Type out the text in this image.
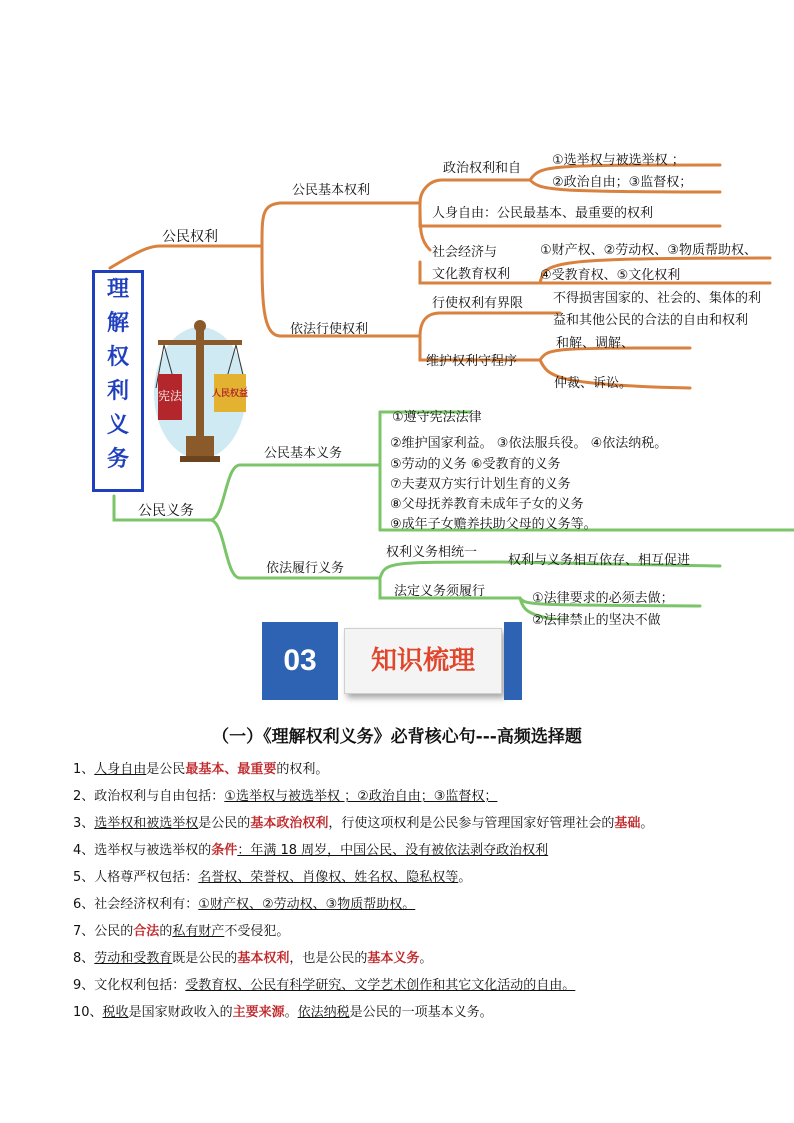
理
解
权
利
义
务
宪法	人民权益
公民权利
公民基本权利
政治权利和自
①选举权与被选举权 ；
②政治自由；③监督权；
人身自由：公民最基本、最重要的权利
社会经济与
文化教育权利
①财产权、②劳动权、③物质帮助权、
④受教育权、⑤文化权利
依法行使权利
行使权利有界限 不得损害国家的、社会的、集体的利
益和其他公民的合法的自由和权利
维护权利守程序
和解、调解、
仲裁、诉讼。
公民义务
公民基本义务
①遵守宪法法律
②维护国家利益。 ③依法服兵役。 ④依法纳税。
⑤劳动的义务 ⑥受教育的义务
⑦夫妻双方实行计划生育的义务
⑧父母抚养教育未成年子女的义务
⑨成年子女赡养扶助父母的义务等。
依法履行义务
权利义务相统一
权利与义务相互依存、相互促进
法定义务须履行	①法律要求的必须去做；
②法律禁止的坚决不做
03	知识梳理
（一）《理解权利义务》必背核心句---高频选择题
1、人身自由是公民最基本、最重要的权利。
2、政治权利与自由包括：①选举权与被选举权 ；②政治自由；③监督权；
3、选举权和被选举权是公民的基本政治权利，行使这项权利是公民参与管理国家好管理社会的基础。
4、选举权与被选举权的条件：年满 18 周岁，中国公民、没有被依法剥夺政治权利
5、人格尊严权包括：名誉权、荣誉权、肖像权、姓名权、隐私权等。
6、社会经济权利有：①财产权、②劳动权、③物质帮助权。
7、公民的合法的私有财产不受侵犯。
8、劳动和受教育既是公民的基本权利，也是公民的基本义务。
9、文化权利包括：受教育权、公民有科学研究、文学艺术创作和其它文化活动的自由。
10、税收是国家财政收入的主要来源。依法纳税是公民的一项基本义务。
